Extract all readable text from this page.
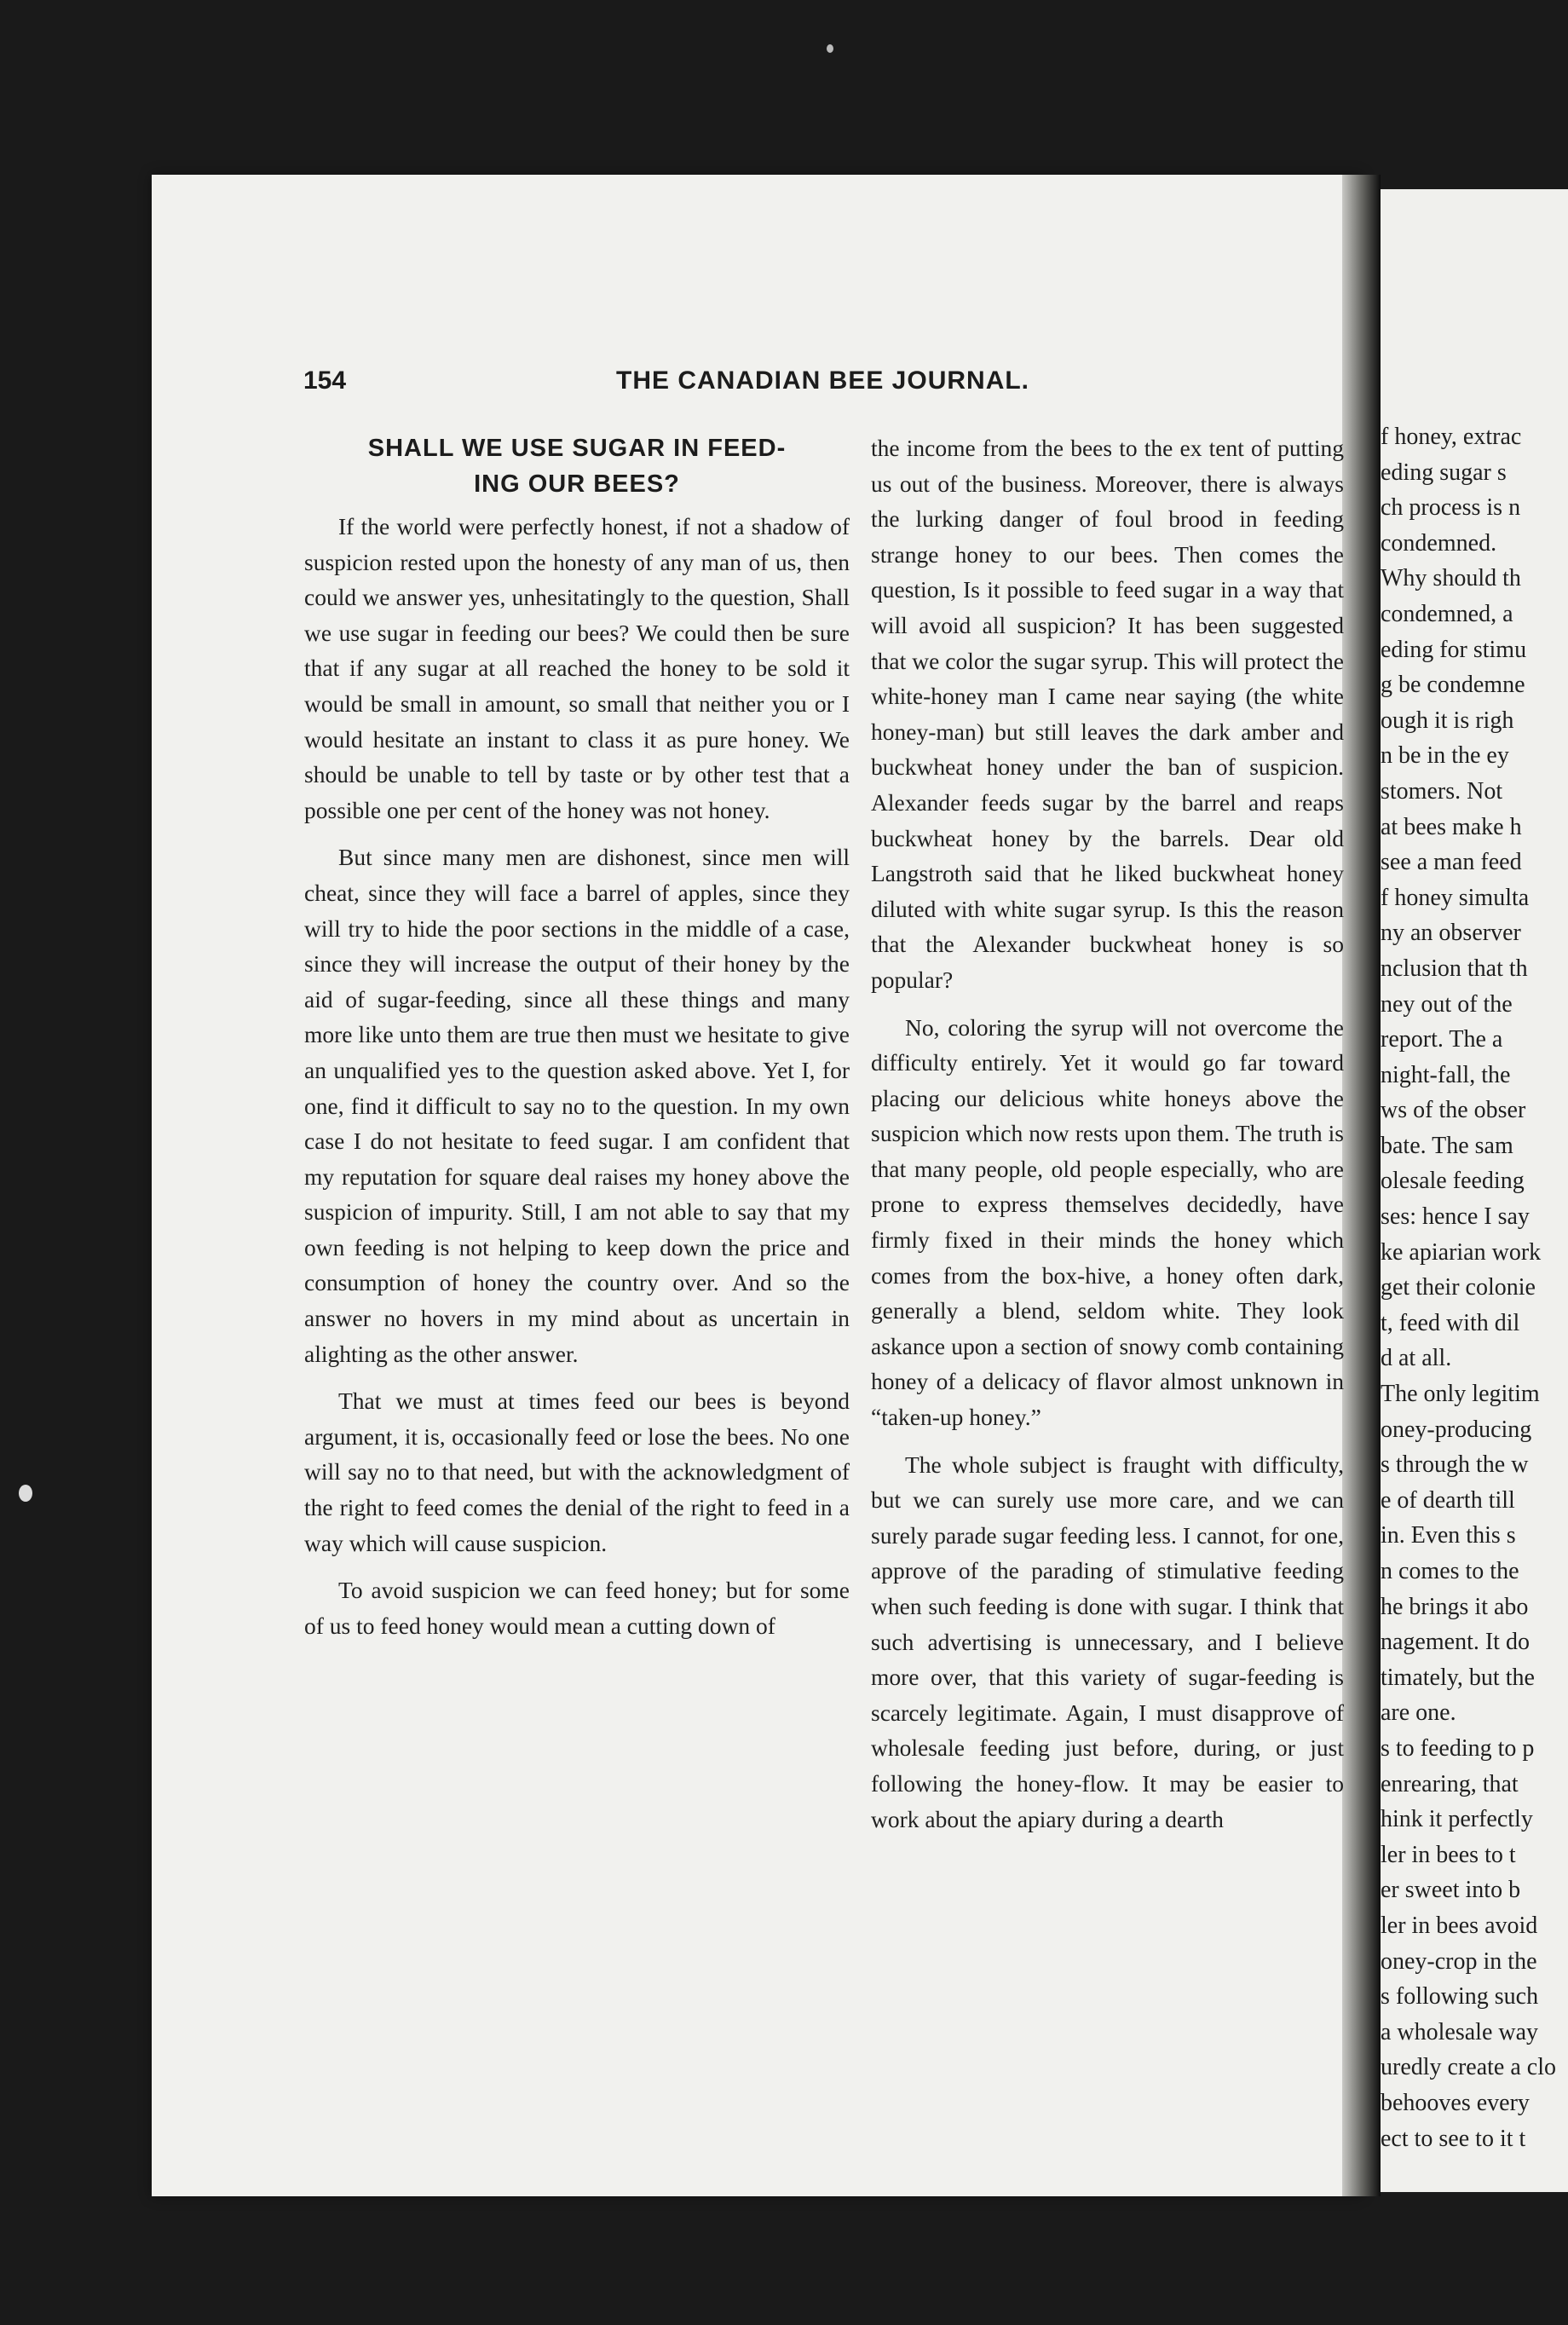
f honey, extrac
eding sugar s
ch process is n
condemned.
Why should th
condemned, a
eding for stimu
g be condemne
ough it is righ
n be in the ey
stomers. Not
at bees make h
see a man feed
f honey simulta
ny an observer
nclusion that th
ney out of the
report. The a
night-fall, the
ws of the obser
bate. The sam
olesale feeding
ses: hence I say
ke apiarian work
get their colonie
t, feed with dil
d at all.
The only legitim
oney-producing
s through the w
e of dearth till
in. Even this s
n comes to the
he brings it abo
nagement. It do
timately, but the
are one.
s to feeding to p
enrearing, that
hink it perfectly
ler in bees to t
er sweet into b
ler in bees avoid
oney-crop in the
s following such
a wholesale way
uredly create a clo
behooves every
ect to see to it t
154	THE CANADIAN BEE JOURNAL.
SHALL WE USE SUGAR IN FEED-
ING OUR BEES?

If the world were perfectly honest, if not a shadow of suspicion rested upon the honesty of any man of us, then could we answer yes, unhesitatingly to the question, Shall we use sugar in feeding our bees? We could then be sure that if any sugar at all reached the honey to be sold it would be small in amount, so small that neither you or I would hesitate an instant to class it as pure honey. We should be unable to tell by taste or by other test that a possible one per cent of the honey was not honey.

But since many men are dishonest, since men will cheat, since they will face a barrel of apples, since they will try to hide the poor sections in the middle of a case, since they will increase the output of their honey by the aid of sugar-feeding, since all these things and many more like unto them are true then must we hesitate to give an unqualified yes to the question asked above. Yet I, for one, find it difficult to say no to the question. In my own case I do not hesitate to feed sugar. I am confident that my reputation for square deal raises my honey above the suspicion of impurity. Still, I am not able to say that my own feeding is not helping to keep down the price and consumption of honey the country over. And so the answer no hovers in my mind about as uncertain in alighting as the other answer.

That we must at times feed our bees is beyond argument, it is, occasionally feed or lose the bees. No one will say no to that need, but with the acknowledgment of the right to feed comes the denial of the right to feed in a way which will cause suspicion.

To avoid suspicion we can feed honey; but for some of us to feed honey would mean a cutting down of

the income from the bees to the ex tent of putting us out of the business. Moreover, there is always the lurking danger of foul brood in feeding strange honey to our bees. Then comes the question, Is it possible to feed sugar in a way that will avoid all suspicion? It has been suggested that we color the sugar syrup. This will protect the white-honey man I came near saying (the white honey-man) but still leaves the dark amber and buckwheat honey under the ban of suspicion. Alexander feeds sugar by the barrel and reaps buckwheat honey by the barrels. Dear old Langstroth said that he liked buckwheat honey diluted with white sugar syrup. Is this the reason that the Alexander buckwheat honey is so popular?

No, coloring the syrup will not overcome the difficulty entirely. Yet it would go far toward placing our delicious white honeys above the suspicion which now rests upon them. The truth is that many people, old people especially, who are prone to express themselves decidedly, have firmly fixed in their minds the honey which comes from the box-hive, a honey often dark, generally a blend, seldom white. They look askance upon a section of snowy comb containing honey of a delicacy of flavor almost unknown in “taken-up honey.”

The whole subject is fraught with difficulty, but we can surely use more care, and we can surely parade sugar feeding less. I cannot, for one, approve of the parading of stimulative feeding when such feeding is done with sugar. I think that such advertising is unnecessary, and I believe more over, that this variety of sugar-feeding is scarcely legitimate. Again, I must disapprove of wholesale feeding just before, during, or just following the honey-flow. It may be easier to work about the apiary during a dearth
